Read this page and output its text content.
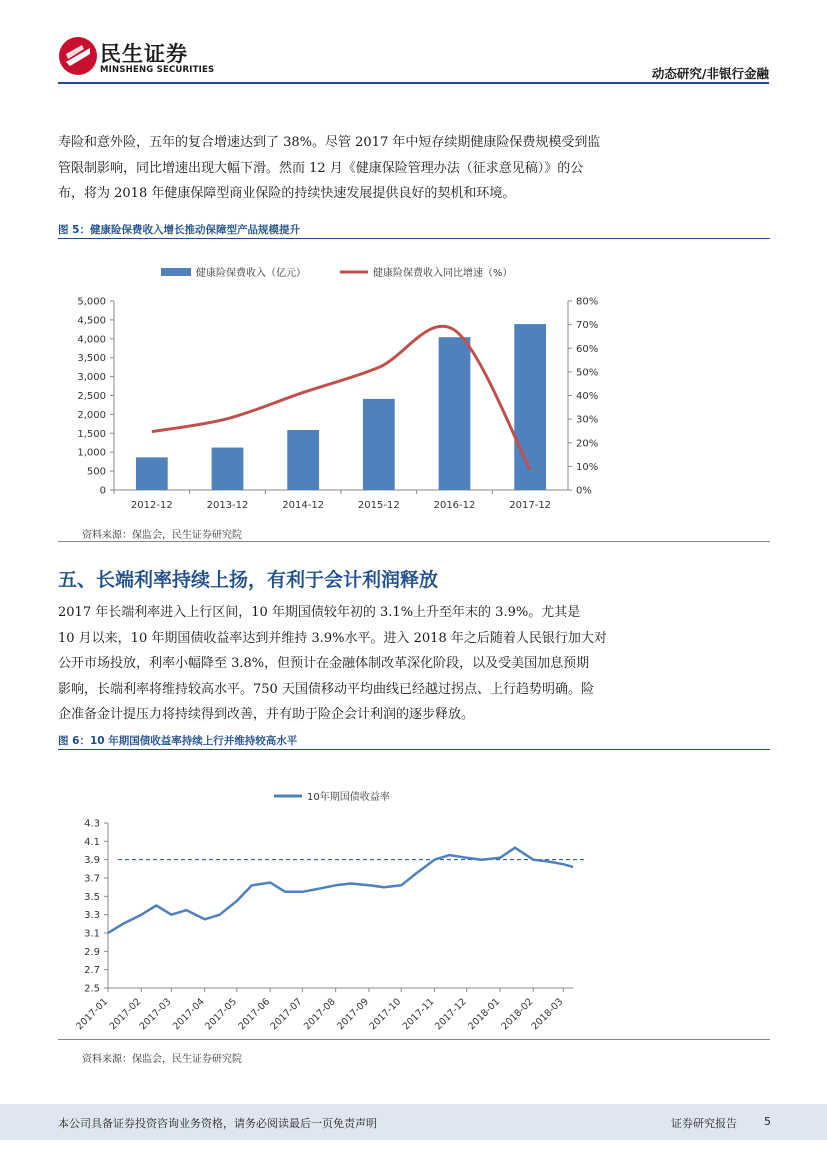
民生证券
MINSHENG SECURITIES	动态研究/非银行金融
寿险和意外险，五年的复合增速达到了 38%。尽管 2017 年中短存续期健康险保费规模受到监
管限制影响，同比增速出现大幅下滑。然而 12 月《健康保险管理办法（征求意见稿）》的公
布，将为 2018 年健康保障型商业保险的持续快速发展提供良好的契机和环境。
图 5：健康险保费收入增长推动保障型产品规模提升
健康险保费收入（亿元）	健康险保费收入同比增速（%）
0
500
1,000
1,500
2,000
2,500
3,000
3,500
4,000
4,500
5,000
0%
10%
20%
30%
40%
50%
60%
70%
80%
2012-12	2013-12	2014-12	2015-12	2016-12	2017-12
资料来源：保监会，民生证券研究院
五、长端利率持续上扬，有利于会计利润释放
2017 年长端利率进入上行区间，10 年期国债较年初的 3.1%上升至年末的 3.9%。尤其是
10 月以来，10 年期国债收益率达到并维持 3.9%水平。进入 2018 年之后随着人民银行加大对
公开市场投放，利率小幅降至 3.8%，但预计在金融体制改革深化阶段，以及受美国加息预期
影响，长端利率将维持较高水平。750 天国债移动平均曲线已经越过拐点、上行趋势明确。险
企准备金计提压力将持续得到改善，并有助于险企会计利润的逐步释放。
图 6：10 年期国债收益率持续上行并维持较高水平
10年期国债收益率
2.5
2.7
2.9
3.1
3.3
3.5
3.7
3.9
4.1
4.3
2017-01
2017-02
2017-03
2017-04
2017-05
2017-06
2017-07
2017-08
2017-09
2017-10
2017-11
2017-12
2018-01
2018-02
2018-03
资料来源：保监会，民生证券研究院
本公司具备证券投资咨询业务资格，请务必阅读最后一页免责声明	证券研究报告 5
